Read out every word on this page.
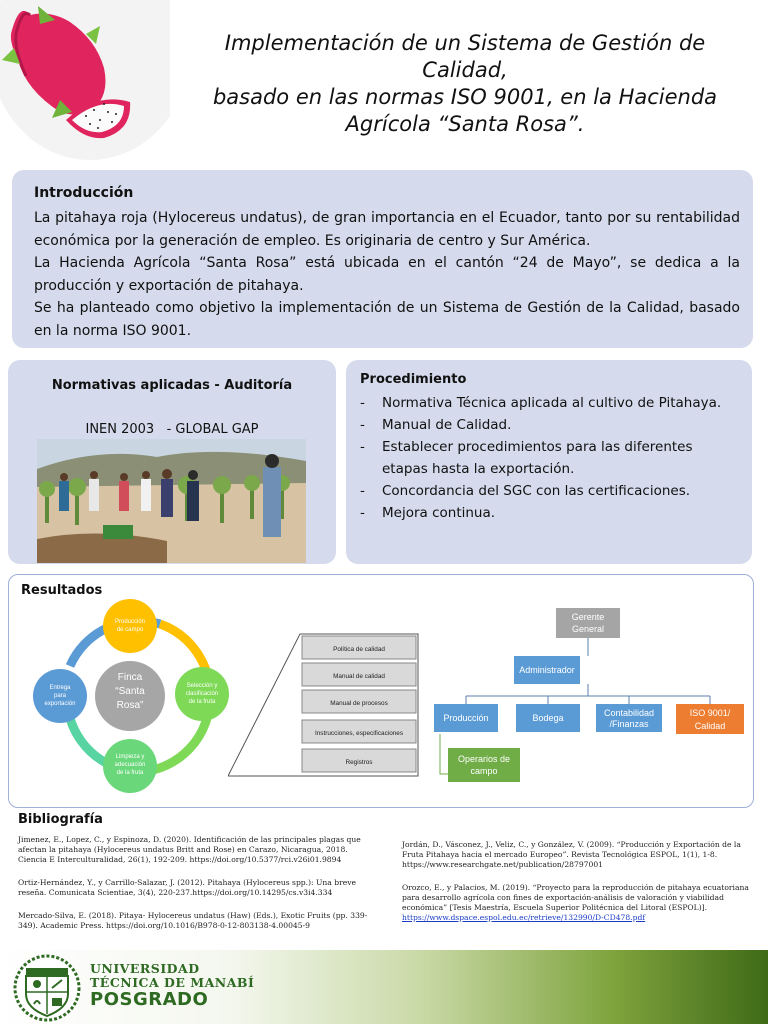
Implementación de un Sistema de Gestión de Calidad,
basado en las normas ISO 9001, en la Hacienda
Agrícola “Santa Rosa”.
Introducción

La pitahaya roja (Hylocereus undatus), de gran importancia en el Ecuador, tanto por su rentabilidad económica por la generación de empleo. Es originaria de centro y Sur América.

La Hacienda Agrícola “Santa Rosa” está ubicada en el cantón “24 de Mayo”, se dedica a la producción y exportación de pitahaya.

Se ha planteado como objetivo la implementación de un Sistema de Gestión de la Calidad, basado en la norma ISO 9001.

Normativas aplicadas - Auditoría
INEN 2003   - GLOBAL GAP
Procedimiento
- Normativa Técnica aplicada al cultivo de Pitahaya.
- Manual de Calidad.
- Establecer procedimientos para las diferentes etapas hasta la exportación.
- Concordancia del SGC con las certificaciones.
- Mejora continua.
Resultados
Finca
“Santa
Rosa”
Producción
de campo
Selección y
clasificación
de la fruta
Limpieza y
adecuación
de la fruta
Entrega
para
exportación
Política de calidad
Manual de calidad
Manual de procesos
Instrucciones, especificaciones
Registros
Gerente
General
Administrador
Producción	Bodega	Contabilidad
/Finanzas
ISO 9001/
Calidad
Operarios de
campo
Bibliografía

Jimenez, E., Lopez, C., y Espinoza, D. (2020). Identificación de las principales plagas que afectan la pitahaya (Hylocereus undatus Britt and Rose) en Carazo, Nicaragua, 2018. Ciencia E Interculturalidad, 26(1), 192-209. https://doi.org/10.5377/rci.v26i01.9894

Ortiz-Hernández, Y., y Carrillo-Salazar, J. (2012). Pitahaya (Hylocereus spp.): Una breve reseña. Comunicata Scientiae, 3(4), 220-237.https://doi.org/10.14295/cs.v3i4.334

Mercado-Silva, E. (2018). Pitaya- Hylocereus undatus (Haw) (Eds.), Exotic Fruits (pp. 339-349). Academic Press. https://doi.org/10.1016/B978-0-12-803138-4.00045-9

Jordán, D., Vásconez, J., Veliz, C., y González, V. (2009). “Producción y Exportación de la Fruta Pitahaya hacia el mercado Europeo”. Revista Tecnológica ESPOL, 1(1), 1-8. https://www.researchgate.net/publication/28797001

Orozco, E., y Palacios, M. (2019). “Proyecto para la reproducción de pitahaya ecuatoriana para desarrollo agrícola con fines de exportación-análisis de valoración y viabilidad económica” [Tesis Maestría, Escuela Superior Politécnica del Litoral (ESPOL)].

https://www.dspace.espol.edu.ec/retrieve/132990/D-CD478.pdf
UNIVERSIDAD
TÉCNICA DE MANABÍ
POSGRADO
